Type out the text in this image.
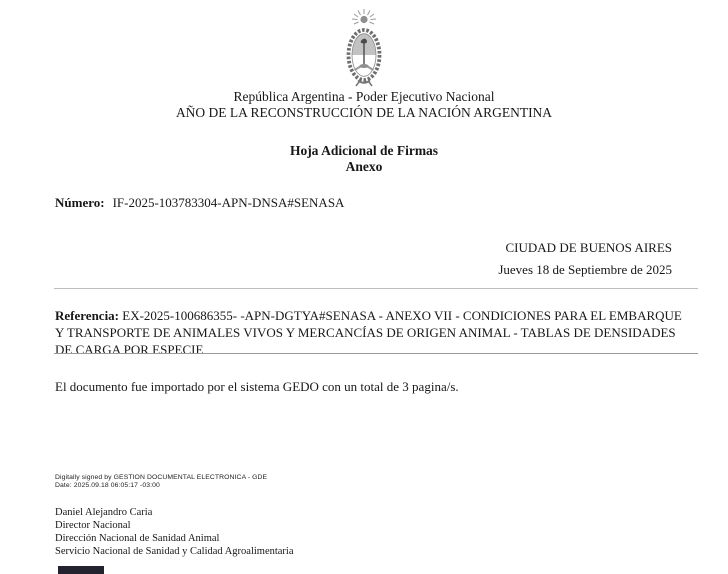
República Argentina - Poder Ejecutivo Nacional
AÑO DE LA RECONSTRUCCIÓN DE LA NACIÓN ARGENTINA
Hoja Adicional de Firmas
Anexo
Número: IF-2025-103783304-APN-DNSA#SENASA
CIUDAD DE BUENOS AIRES
Jueves 18 de Septiembre de 2025

Referencia: EX-2025-100686355- -APN-DGTYA#SENASA - ANEXO VII - CONDICIONES PARA EL EMBARQUE Y TRANSPORTE DE ANIMALES VIVOS Y MERCANCÍAS DE ORIGEN ANIMAL - TABLAS DE DENSIDADES DE CARGA POR ESPECIE

El documento fue importado por el sistema GEDO con un total de 3 pagina/s.
Digitally signed by GESTION DOCUMENTAL ELECTRONICA - GDE
Date: 2025.09.18 06:05:17 -03:00
Daniel Alejandro Caria
Director Nacional
Dirección Nacional de Sanidad Animal
Servicio Nacional de Sanidad y Calidad Agroalimentaria
